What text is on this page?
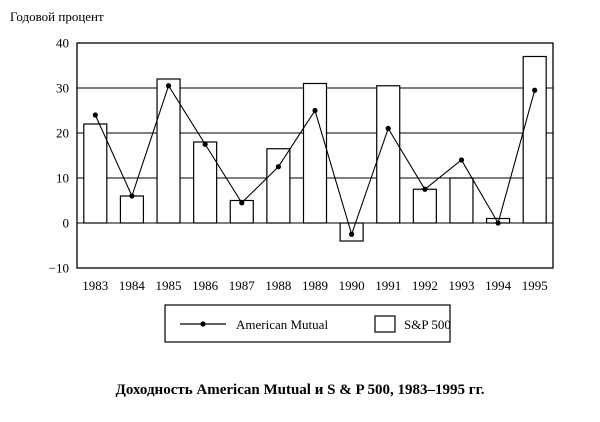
Годовой процент
−10
0
10
20
30
40
1983 1984 1985 1986 1987 1988 1989 1990 1991 1992 1993 1994 1995
American Mutual	S&P 500
Доходность American Mutual и S & P 500, 1983–1995 гг.
